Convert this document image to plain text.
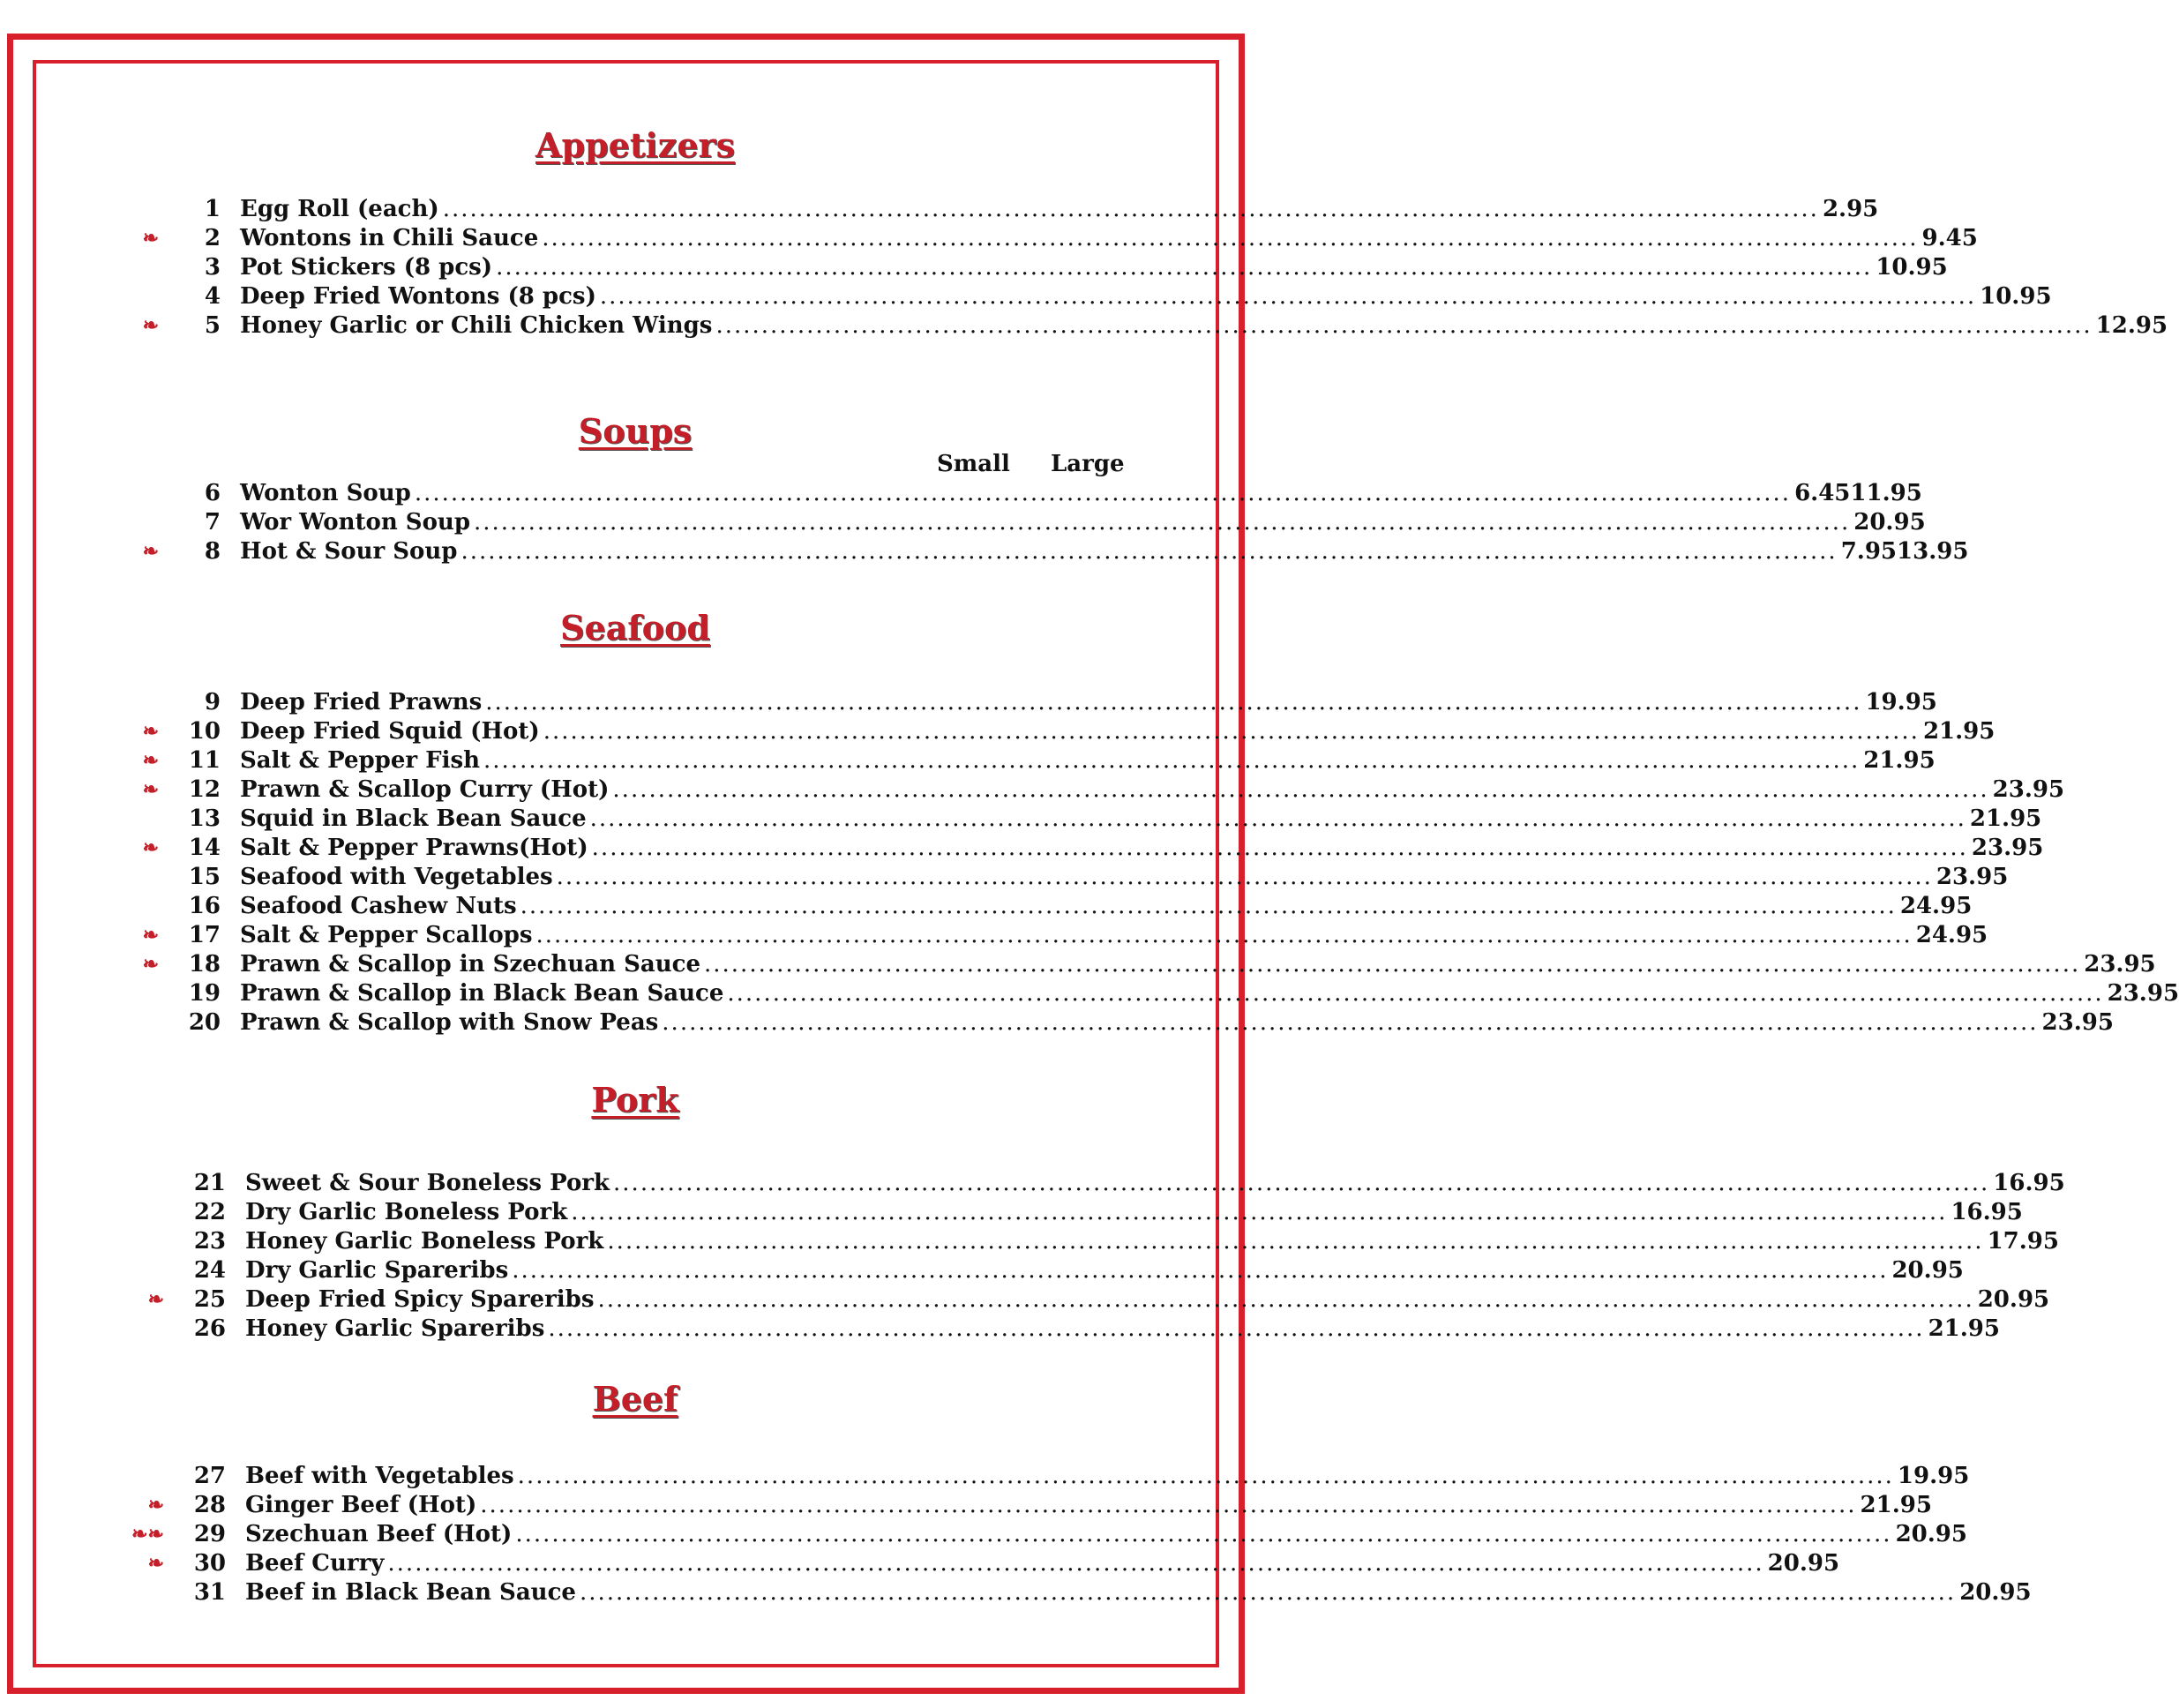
Appetizers
1 Egg Roll (each) ........................................................................................................................................................ 2.95
❧	2 Wontons in Chili Sauce ........................................................................................................................................................ 9.45
3 Pot Stickers (8 pcs) ........................................................................................................................................................ 10.95
4 Deep Fried Wontons (8 pcs) ........................................................................................................................................................ 10.95
❧	5 Honey Garlic or Chili Chicken Wings ........................................................................................................................................................ 12.95
Soups
Small Large
6 Wonton Soup ........................................................................................................................................................ 6.45 11.95
7 Wor Wonton Soup ........................................................................................................................................................ 20.95
❧	8 Hot & Sour Soup ........................................................................................................................................................ 7.95 13.95
Seafood
9 Deep Fried Prawns ........................................................................................................................................................ 19.95
❧	10 Deep Fried Squid (Hot) ........................................................................................................................................................ 21.95
❧	11 Salt & Pepper Fish ........................................................................................................................................................ 21.95
❧	12 Prawn & Scallop Curry (Hot) ........................................................................................................................................................ 23.95
13 Squid in Black Bean Sauce ........................................................................................................................................................ 21.95
❧	14 Salt & Pepper Prawns(Hot) ........................................................................................................................................................ 23.95
15 Seafood with Vegetables ........................................................................................................................................................ 23.95
16 Seafood Cashew Nuts ........................................................................................................................................................ 24.95
❧	17 Salt & Pepper Scallops ........................................................................................................................................................ 24.95
❧	18 Prawn & Scallop in Szechuan Sauce ........................................................................................................................................................ 23.95
19 Prawn & Scallop in Black Bean Sauce ........................................................................................................................................................ 23.95
20 Prawn & Scallop with Snow Peas ........................................................................................................................................................ 23.95
Pork
21 Sweet & Sour Boneless Pork ........................................................................................................................................................ 16.95
22 Dry Garlic Boneless Pork ........................................................................................................................................................ 16.95
23 Honey Garlic Boneless Pork ........................................................................................................................................................ 17.95
24 Dry Garlic Spareribs ........................................................................................................................................................ 20.95
❧	25 Deep Fried Spicy Spareribs ........................................................................................................................................................ 20.95
26 Honey Garlic Spareribs ........................................................................................................................................................ 21.95
Beef
27 Beef with Vegetables ........................................................................................................................................................ 19.95
❧	28 Ginger Beef (Hot) ........................................................................................................................................................ 21.95
❧❧	29 Szechuan Beef (Hot) ........................................................................................................................................................ 20.95
❧	30 Beef Curry ........................................................................................................................................................ 20.95
31 Beef in Black Bean Sauce ........................................................................................................................................................ 20.95
